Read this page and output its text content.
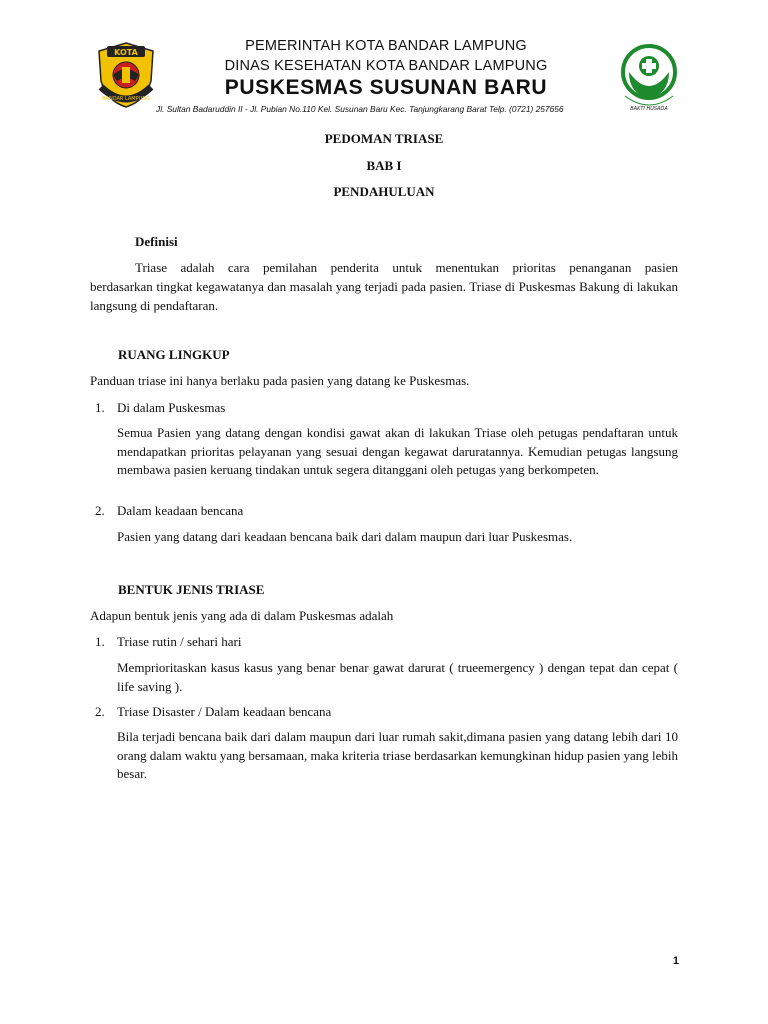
KOTA
BANDAR LAMPUNG
PEMERINTAH KOTA BANDAR LAMPUNG
DINAS KESEHATAN KOTA BANDAR LAMPUNG
PUSKESMAS SUSUNAN BARU
Jl. Sultan Badaruddin II - Jl. Pubian No.110 Kel. Susunan Baru Kec. Tanjungkarang Barat Telp. (0721) 257656	BAKTI HUSADA
PEDOMAN TRIASE
BAB I
PENDAHULUAN
Definisi
Triase adalah cara pemilahan penderita untuk menentukan prioritas penanganan pasien
berdasarkan tingkat kegawatanya dan masalah yang terjadi pada pasien. Triase di Puskesmas Bakung di lakukan langsung di pendaftaran.
RUANG LINGKUP
Panduan triase ini hanya berlaku pada pasien yang datang ke Puskesmas.
1. Di dalam Puskesmas
Semua Pasien yang datang dengan kondisi gawat akan di lakukan Triase oleh petugas pendaftaran untuk mendapatkan prioritas pelayanan yang sesuai dengan kegawat daruratannya. Kemudian petugas langsung membawa pasien keruang tindakan untuk segera ditanggani oleh petugas yang berkompeten.
2. Dalam keadaan bencana
Pasien yang datang dari keadaan bencana baik dari dalam maupun dari luar Puskesmas.
BENTUK JENIS TRIASE
Adapun bentuk jenis yang ada di dalam Puskesmas adalah
1. Triase rutin / sehari hari
Memprioritaskan kasus kasus yang benar benar gawat darurat ( trueemergency ) dengan tepat dan cepat ( life saving ).
2. Triase Disaster / Dalam keadaan bencana
Bila terjadi bencana baik dari dalam maupun dari luar rumah sakit,dimana pasien yang datang lebih dari 10 orang dalam waktu yang bersamaan, maka kriteria triase berdasarkan kemungkinan hidup pasien yang lebih besar.
1
